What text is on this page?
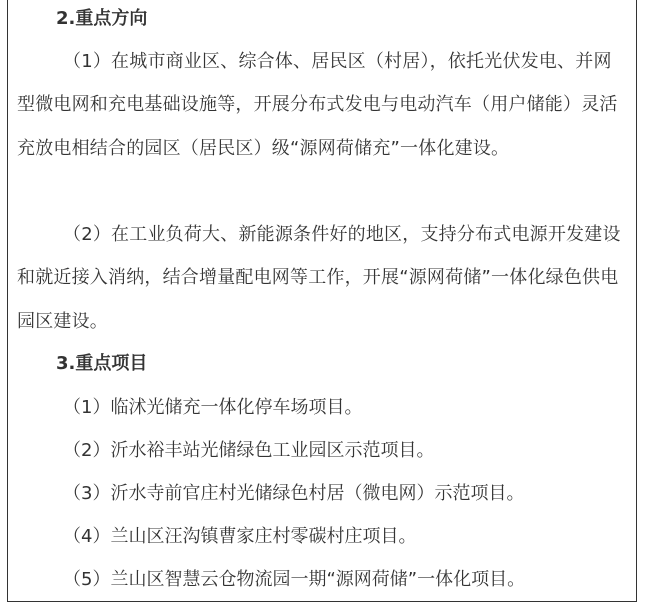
2.重点方向
（1）在城市商业区、综合体、居民区（村居），依托光伏发电、并网型微电网和充电基础设施等，开展分布式发电与电动汽车（用户储能）灵活充放电相结合的园区（居民区）级“源网荷储充”一体化建设。
（2）在工业负荷大、新能源条件好的地区，支持分布式电源开发建设和就近接入消纳，结合增量配电网等工作，开展“源网荷储”一体化绿色供电园区建设。
3.重点项目
（1）临沭光储充一体化停车场项目。
（2）沂水裕丰站光储绿色工业园区示范项目。
（3）沂水寺前官庄村光储绿色村居（微电网）示范项目。
（4）兰山区汪沟镇曹家庄村零碳村庄项目。
（5）兰山区智慧云仓物流园一期“源网荷储”一体化项目。
